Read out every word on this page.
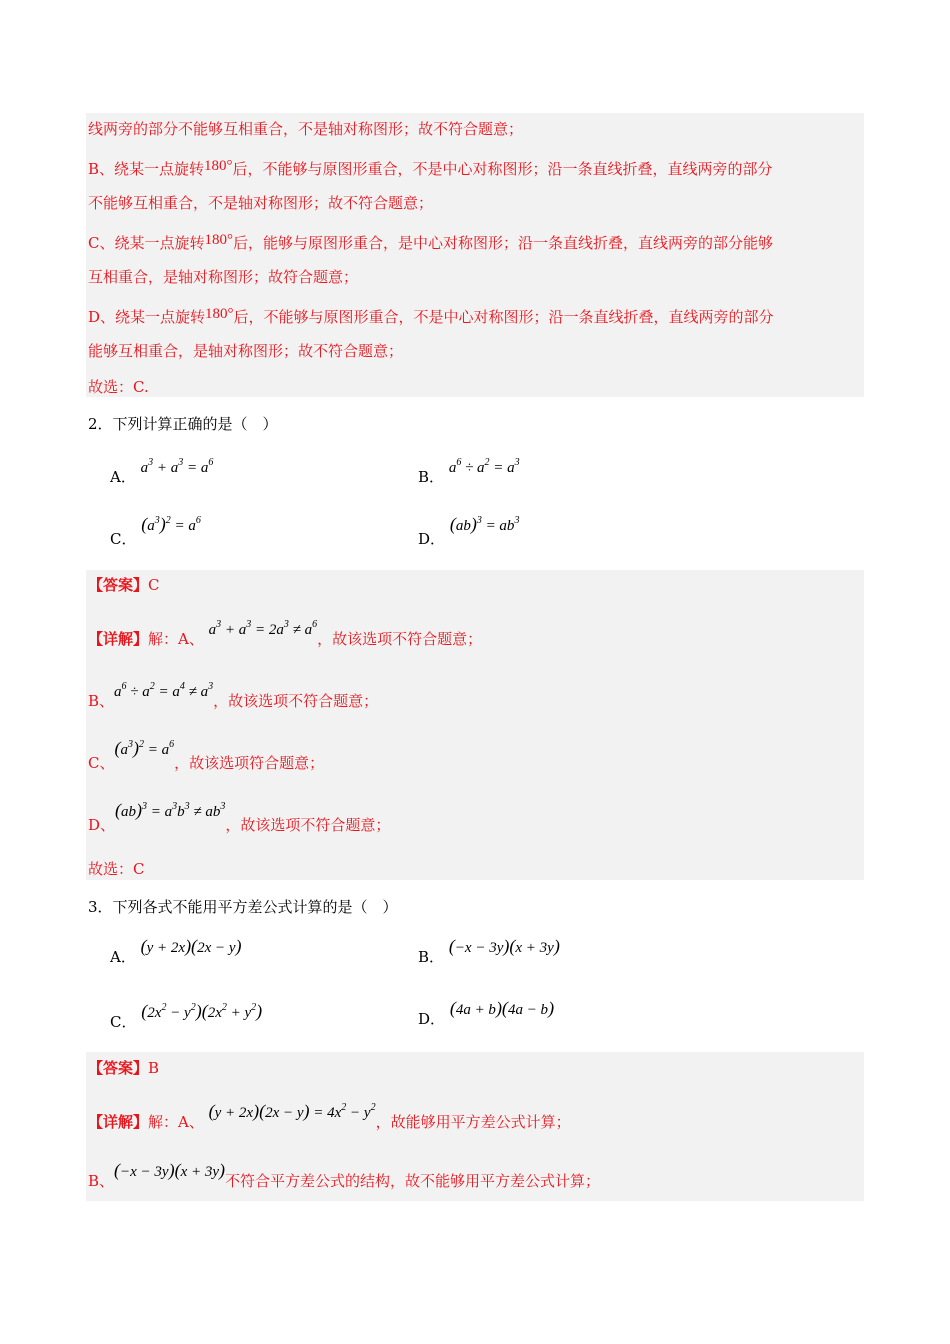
线两旁的部分不能够互相重合，不是轴对称图形；故不符合题意；
B、绕某一点旋转180°后，不能够与原图形重合，不是中心对称图形；沿一条直线折叠，直线两旁的部分
不能够互相重合，不是轴对称图形；故不符合题意；
C、绕某一点旋转180°后，能够与原图形重合，是中心对称图形；沿一条直线折叠，直线两旁的部分能够
互相重合，是轴对称图形；故符合题意；
D、绕某一点旋转180°后，不能够与原图形重合，不是中心对称图形；沿一条直线折叠，直线两旁的部分
能够互相重合，是轴对称图形；故不符合题意；
故选：C.
2．下列计算正确的是（　）
A． $a^3 + a^3 = a^6$
B． $a^6 \div a^2 = a^3$
C． $(a^3)^2 = a^6$
D． $(ab)^3 = ab^3$
【答案】C
【详解】解：A、 $a^3 + a^3 = 2a^3 \ne a^6$，故该选项不符合题意；
B、$a^6 \div a^2 = a^4 \ne a^3$，故该选项不符合题意；
C、$(a^3)^2 = a^6$，故该选项符合题意；
D、$(ab)^3 = a^3b^3 \ne ab^3$，故该选项不符合题意；
故选：C
3．下列各式不能用平方差公式计算的是（　）
A． (y + 2x)(2x − y)
B． (−x − 3y)(x + 3y)
C． $(2x^2 - y^2)(2x^2 + y^2)$	D． (4a + b)(4a − b)
【答案】B
【详解】解：A、 $(y + 2x)(2x - y) = 4x^2 - y^2$，故能够用平方差公式计算；
B、(−x − 3y)(x + 3y)不符合平方差公式的结构，故不能够用平方差公式计算；
